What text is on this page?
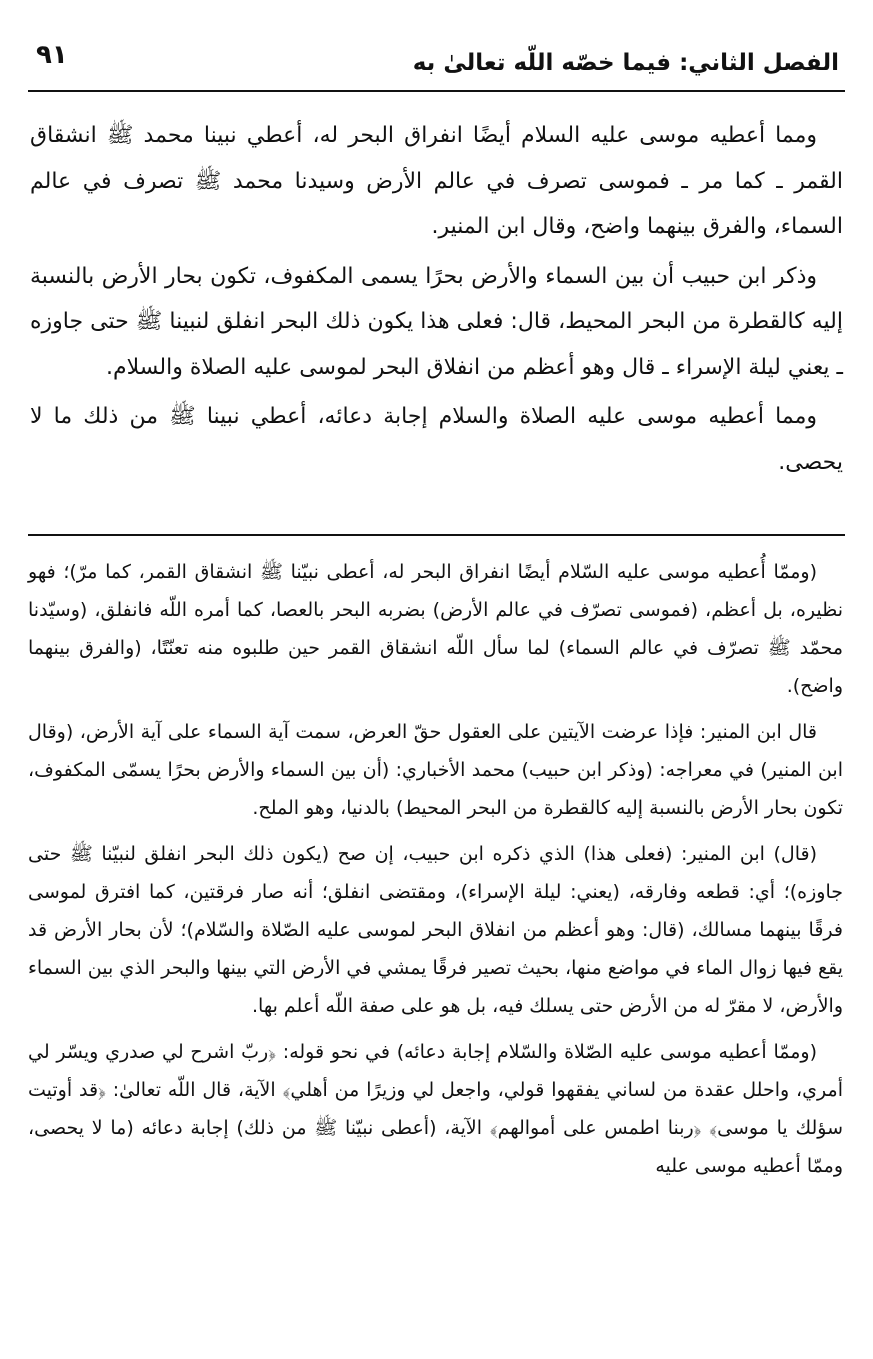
٩١	الفصل الثاني: فيما خصّه اللّه تعالىٰ به

ومما أعطيه موسى عليه السلام أيضًا انفراق البحر له، أعطي نبينا محمد ﷺ انشقاق القمر ـ كما مر ـ فموسى تصرف في عالم الأرض وسيدنا محمد ﷺ تصرف في عالم السماء، والفرق بينهما واضح، وقال ابن المنير.

وذكر ابن حبيب أن بين السماء والأرض بحرًا يسمى المكفوف، تكون بحار الأرض بالنسبة إليه كالقطرة من البحر المحيط، قال: فعلى هذا يكون ذلك البحر انفلق لنبينا ﷺ حتى جاوزه ـ يعني ليلة الإسراء ـ قال وهو أعظم من انفلاق البحر لموسى عليه الصلاة والسلام.

ومما أعطيه موسى عليه الصلاة والسلام إجابة دعائه، أعطي نبينا ﷺ من ذلك ما لا يحصى.

(وممّا أُعطيه موسى عليه السّلام أيضًا انفراق البحر له، أعطى نبيّنا ﷺ انشقاق القمر، كما مرّ)؛ فهو نظيره، بل أعظم، (فموسى تصرّف في عالم الأرض) بضربه البحر بالعصا، كما أمره اللّه فانفلق، (وسيّدنا محمّد ﷺ تصرّف في عالم السماء) لما سأل اللّه انشقاق القمر حين طلبوه منه تعنّتًا، (والفرق بينهما واضح).

قال ابن المنير: فإذا عرضت الآيتين على العقول حقّ العرض، سمت آية السماء على آية الأرض، (وقال ابن المنير) في معراجه: (وذكر ابن حبيب) محمد الأخباري: (أن بين السماء والأرض بحرًا يسمّى المكفوف، تكون بحار الأرض بالنسبة إليه كالقطرة من البحر المحيط) بالدنيا، وهو الملح.

(قال) ابن المنير: (فعلى هذا) الذي ذكره ابن حبيب، إن صح (يكون ذلك البحر انفلق لنبيّنا ﷺ حتى جاوزه)؛ أي: قطعه وفارقه، (يعني: ليلة الإسراء)، ومقتضى انفلق؛ أنه صار فرقتين، كما افترق لموسى فرقًا بينهما مسالك، (قال: وهو أعظم من انفلاق البحر لموسى عليه الصّلاة والسّلام)؛ لأن بحار الأرض قد يقع فيها زوال الماء في مواضع منها، بحيث تصير فرقًا يمشي في الأرض التي بينها والبحر الذي بين السماء والأرض، لا مقرّ له من الأرض حتى يسلك فيه، بل هو على صفة اللّه أعلم بها.

(وممّا أعطيه موسى عليه الصّلاة والسّلام إجابة دعائه) في نحو قوله: ﴿ربّ اشرح لي صدري ويسّر لي أمري، واحلل عقدة من لساني يفقهوا قولي، واجعل لي وزيرًا من أهلي﴾ الآية، قال اللّه تعالىٰ: ﴿قد أوتيت سؤلك يا موسى﴾ ﴿ربنا اطمس على أموالهم﴾ الآية، (أعطى نبيّنا ﷺ من ذلك) إجابة دعائه (ما لا يحصى، وممّا أعطيه موسى عليه
